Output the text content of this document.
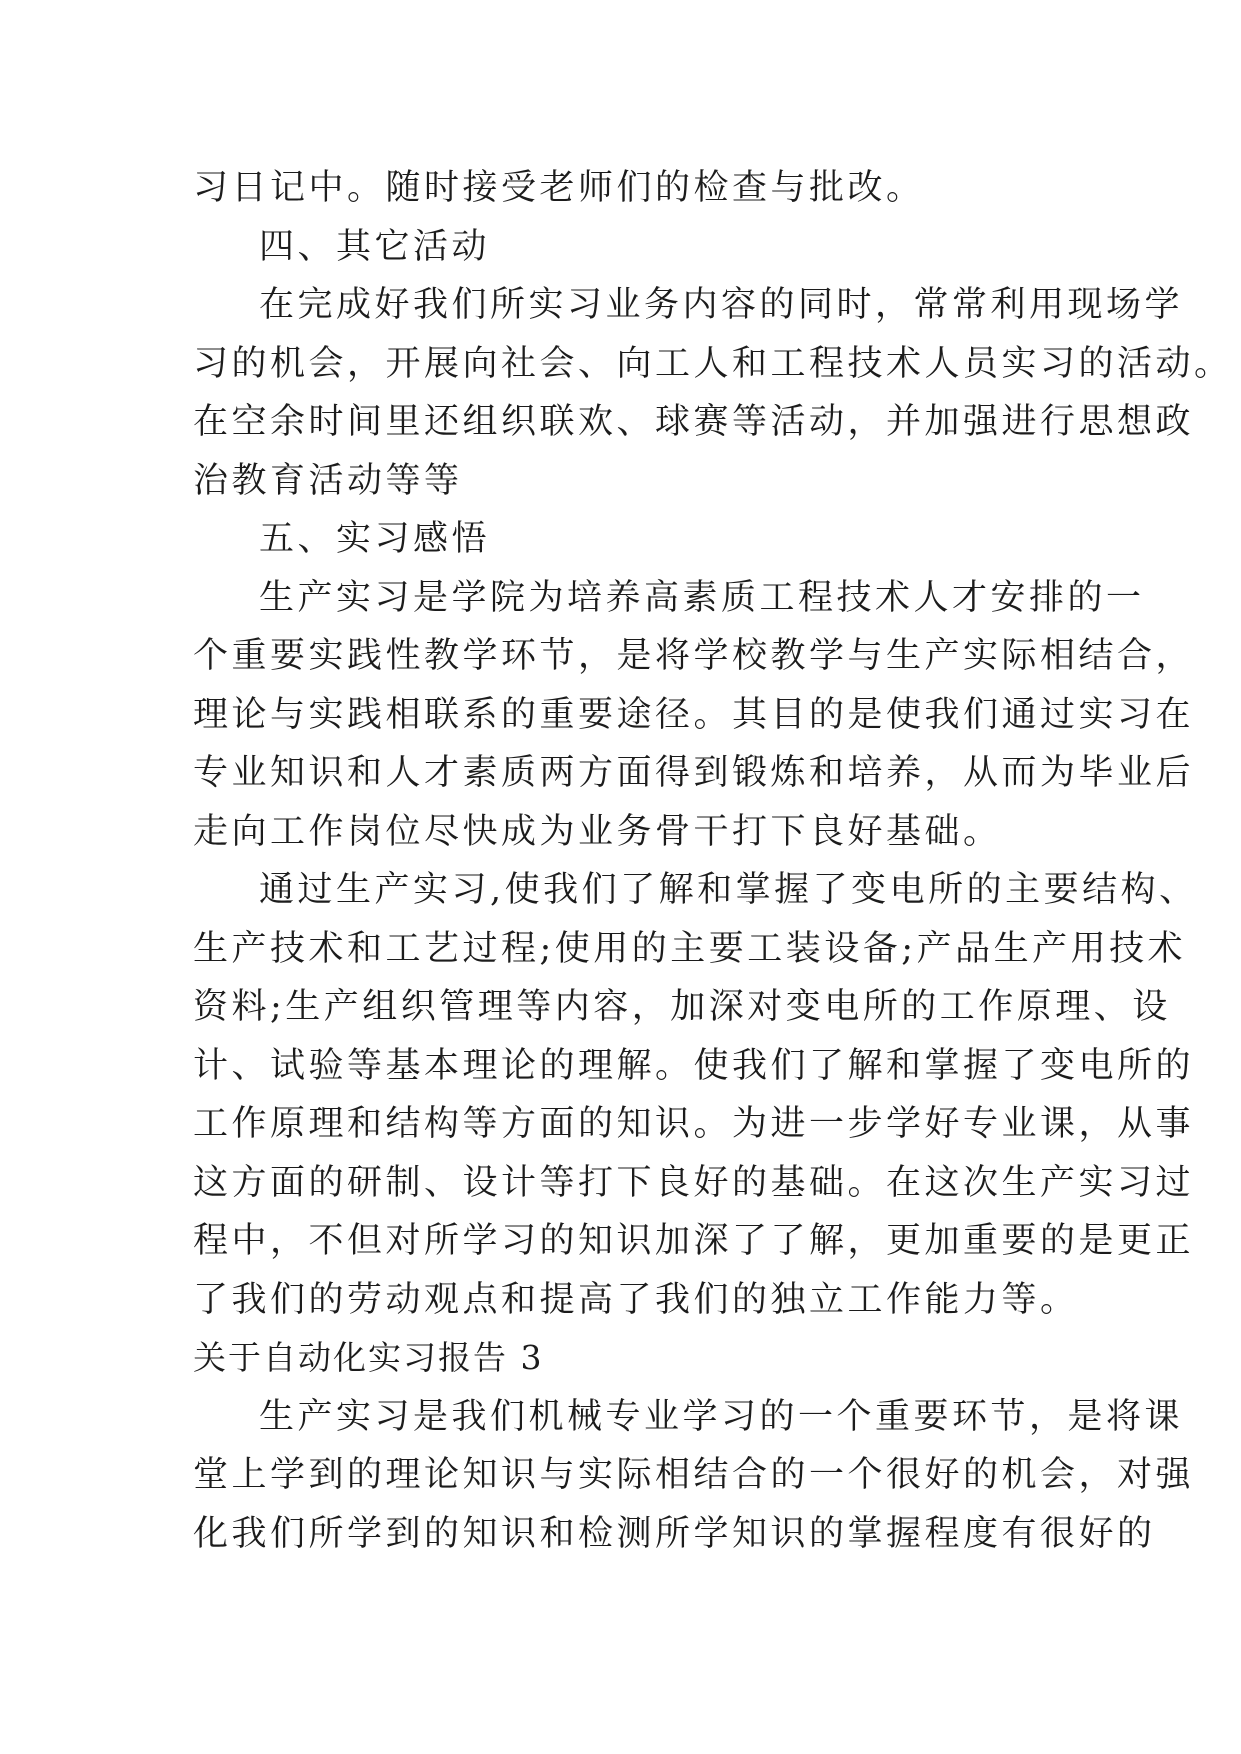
习日记中。随时接受老师们的检查与批改。
四、其它活动
在完成好我们所实习业务内容的同时，常常利用现场学
习的机会，开展向社会、向工人和工程技术人员实习的活动。
在空余时间里还组织联欢、球赛等活动，并加强进行思想政
治教育活动等等
五、实习感悟
生产实习是学院为培养高素质工程技术人才安排的一
个重要实践性教学环节，是将学校教学与生产实际相结合，
理论与实践相联系的重要途径。其目的是使我们通过实习在
专业知识和人才素质两方面得到锻炼和培养，从而为毕业后
走向工作岗位尽快成为业务骨干打下良好基础。
通过生产实习,使我们了解和掌握了变电所的主要结构、
生产技术和工艺过程;使用的主要工装设备;产品生产用技术
资料;生产组织管理等内容，加深对变电所的工作原理、设
计、试验等基本理论的理解。使我们了解和掌握了变电所的
工作原理和结构等方面的知识。为进一步学好专业课，从事
这方面的研制、设计等打下良好的基础。在这次生产实习过
程中，不但对所学习的知识加深了了解，更加重要的是更正
了我们的劳动观点和提高了我们的独立工作能力等。
关于自动化实习报告 3
生产实习是我们机械专业学习的一个重要环节，是将课
堂上学到的理论知识与实际相结合的一个很好的机会，对强
化我们所学到的知识和检测所学知识的掌握程度有很好的
